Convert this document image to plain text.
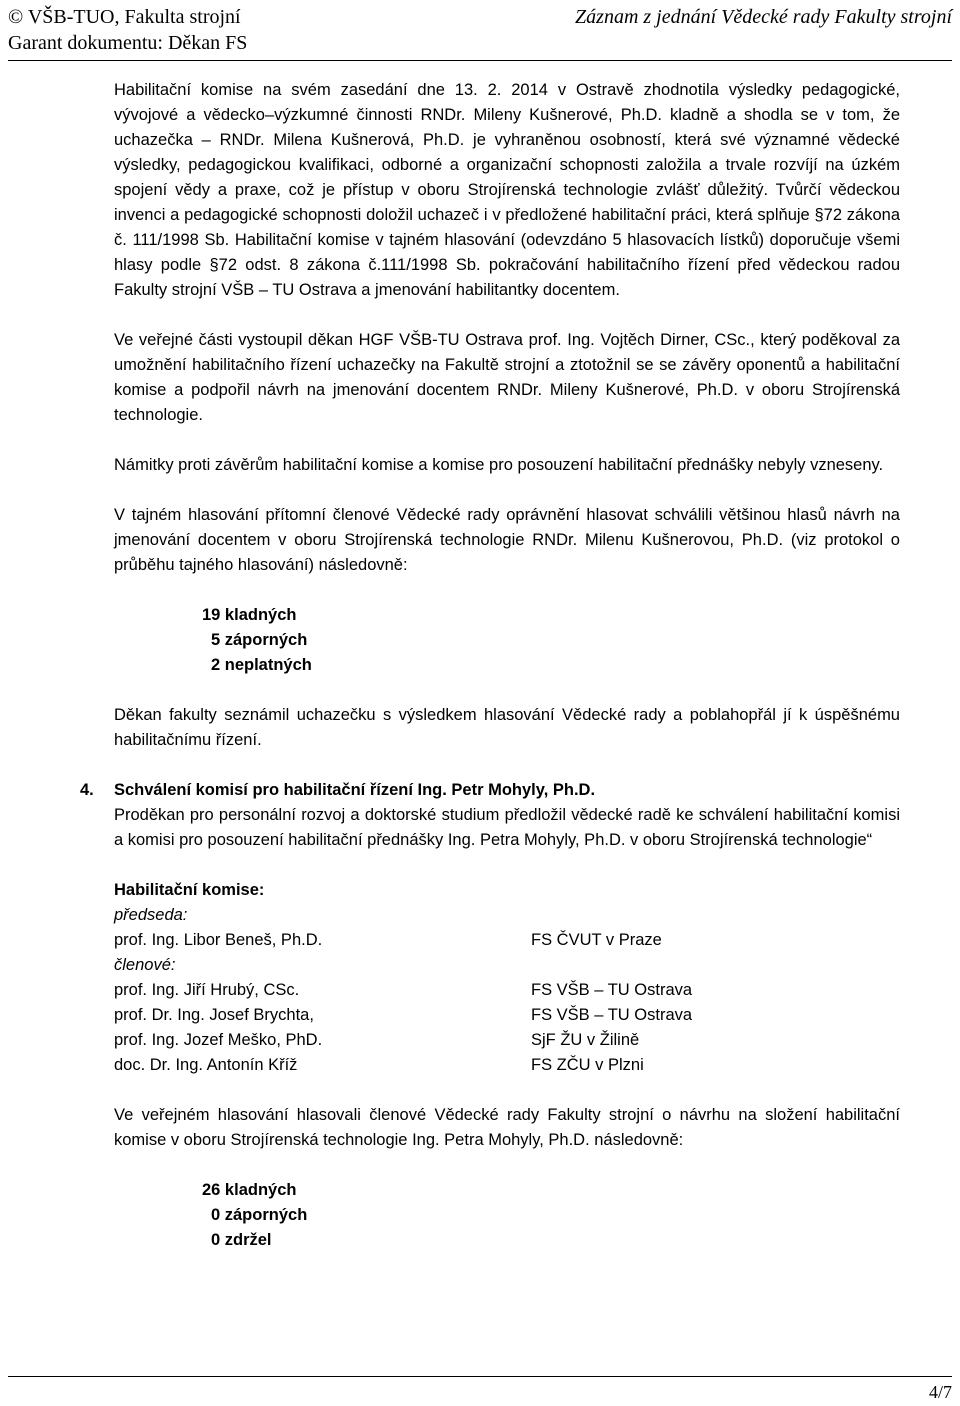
© VŠB-TUO, Fakulta strojní	Záznam z jednání Vědecké rady Fakulty strojní
Garant dokumentu: Děkan FS

Habilitační komise na svém zasedání dne 13. 2. 2014 v Ostravě zhodnotila výsledky pedagogické, vývojové a vědecko–výzkumné činnosti RNDr. Mileny Kušnerové, Ph.D. kladně a shodla se v tom, že uchazečka – RNDr. Milena Kušnerová, Ph.D. je vyhraněnou osobností, která své významné vědecké výsledky, pedagogickou kvalifikaci, odborné a organizační schopnosti založila a trvale rozvíjí na úzkém spojení vědy a praxe, což je přístup v oboru Strojírenská technologie zvlášť důležitý. Tvůrčí vědeckou invenci a pedagogické schopnosti doložil uchazeč i v předložené habilitační práci, která splňuje §72 zákona č. 111/1998 Sb. Habilitační komise v tajném hlasování (odevzdáno 5 hlasovacích lístků) doporučuje všemi hlasy podle §72 odst. 8 zákona č.111/1998 Sb. pokračování habilitačního řízení před vědeckou radou Fakulty strojní VŠB – TU Ostrava a jmenování habilitantky docentem.

Ve veřejné části vystoupil děkan HGF VŠB-TU Ostrava prof. Ing. Vojtěch Dirner, CSc., který poděkoval za umožnění habilitačního řízení uchazečky na Fakultě strojní a ztotožnil se se závěry oponentů a habilitační komise a podpořil návrh na jmenování docentem RNDr. Mileny Kušnerové, Ph.D. v oboru Strojírenská technologie.

Námitky proti závěrům habilitační komise a komise pro posouzení habilitační přednášky nebyly vzneseny.

V tajném hlasování přítomní členové Vědecké rady oprávnění hlasovat schválili většinou hlasů návrh na jmenování docentem v oboru Strojírenská technologie RNDr. Milenu Kušnerovou, Ph.D. (viz protokol o průběhu tajného hlasování) následovně:

19 kladných
5 záporných
2 neplatných

Děkan fakulty seznámil uchazečku s výsledkem hlasování Vědecké rady a poblahopřál jí k úspěšnému habilitačnímu řízení.

4. Schválení komisí pro habilitační řízení Ing. Petr Mohyly, Ph.D.

Proděkan pro personální rozvoj a doktorské studium předložil vědecké radě ke schválení habilitační komisi a komisi pro posouzení habilitační přednášky Ing. Petra Mohyly, Ph.D. v oboru Strojírenská technologie“

Habilitační komise:
předseda:
prof. Ing. Libor Beneš, Ph.D.	FS ČVUT v Praze
členové:
prof. Ing. Jiří Hrubý, CSc.	FS VŠB – TU Ostrava
prof. Dr. Ing. Josef Brychta,	FS VŠB – TU Ostrava
prof. Ing. Jozef Meško, PhD.	SjF ŽU v Žilině
doc. Dr. Ing. Antonín Kříž	FS ZČU v Plzni

Ve veřejném hlasování hlasovali členové Vědecké rady Fakulty strojní o návrhu na složení habilitační komise v oboru Strojírenská technologie Ing. Petra Mohyly, Ph.D. následovně:

26 kladných
0 záporných
0 zdržel
4/7
